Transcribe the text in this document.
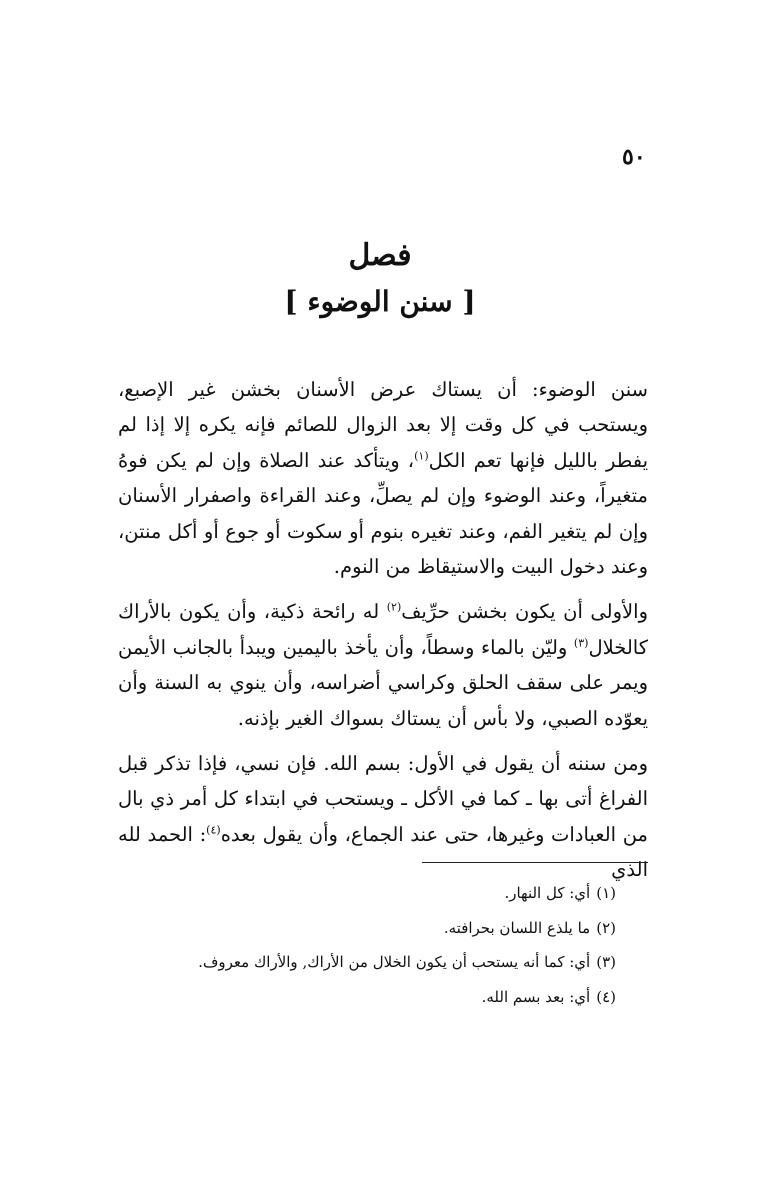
٥٠
فصل
[ سنن الوضوء ]

سنن الوضوء: أن يستاك عرض الأسنان بخشن غير الإصبع، ويستحب في كل وقت إلا بعد الزوال للصائم فإنه يكره إلا إذا لم يفطر بالليل فإنها تعم الكل$^{(١)}$، ويتأكد عند الصلاة وإن لم يكن فوهُ متغيراً، وعند الوضوء وإن لم يصلِّ، وعند القراءة واصفرار الأسنان وإن لم يتغير الفم، وعند تغيره بنوم أو سكوت أو جوع أو أكل منتن، وعند دخول البيت والاستيقاظ من النوم.

والأولى أن يكون بخشن حرِّيف$^{(٢)}$ له رائحة ذكية، وأن يكون بالأراك كالخلال$^{(٣)}$ وليّن بالماء وسطاً، وأن يأخذ باليمين ويبدأ بالجانب الأيمن ويمر على سقف الحلق وكراسي أضراسه، وأن ينوي به السنة وأن يعوّده الصبي، ولا بأس أن يستاك بسواك الغير بإذنه.

ومن سننه أن يقول في الأول: بسم الله. فإن نسي، فإذا تذكر قبل الفراغ أتى بها ـ كما في الأكل ـ ويستحب في ابتداء كل أمر ذي بال من العبادات وغيرها، حتى عند الجماع، وأن يقول بعده$^{(٤)}$: الحمد لله الذي

(١)أي: كل النهار.
(٢)ما يلذع اللسان بحرافته.
(٣)أي: كما أنه يستحب أن يكون الخلال من الأراك, والأراك معروف.
(٤)أي: بعد بسم الله.
